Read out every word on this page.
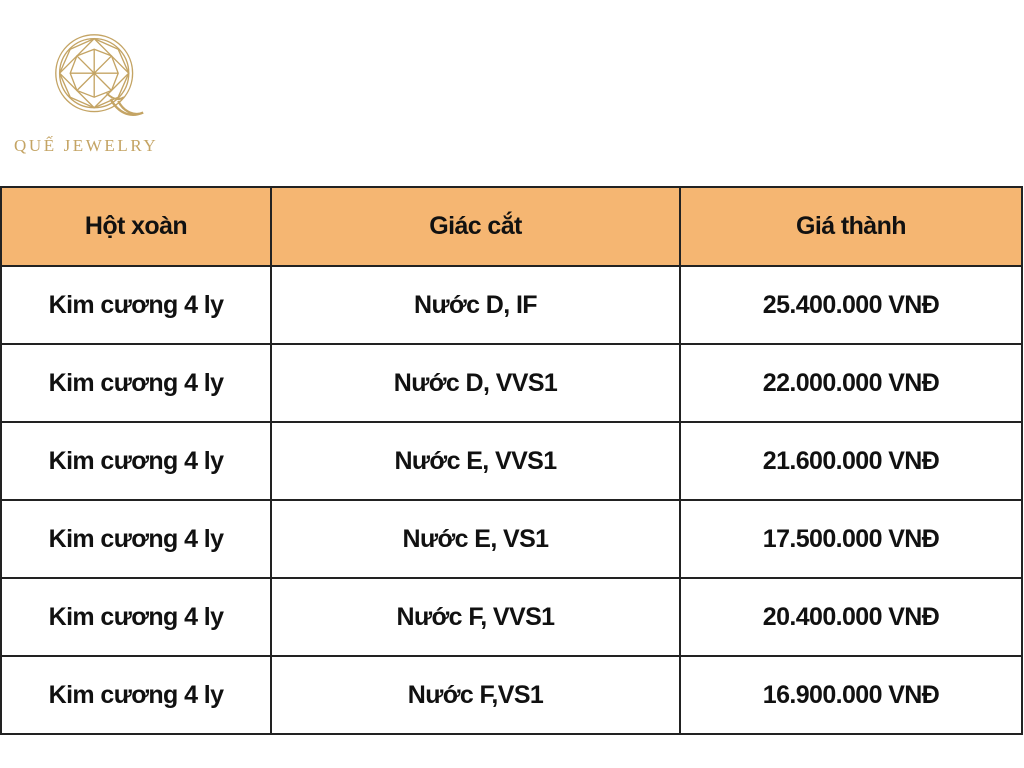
QUẾ JEWELRY
Hột xoàn	Giác cắt	Giá thành
Kim cương 4 ly	Nước D, IF	25.400.000 VNĐ
Kim cương 4 ly	Nước D, VVS1	22.000.000 VNĐ
Kim cương 4 ly	Nước E, VVS1	21.600.000 VNĐ
Kim cương 4 ly	Nước E, VS1	17.500.000 VNĐ
Kim cương 4 ly	Nước F, VVS1	20.400.000 VNĐ
Kim cương 4 ly	Nước F,VS1	16.900.000 VNĐ
